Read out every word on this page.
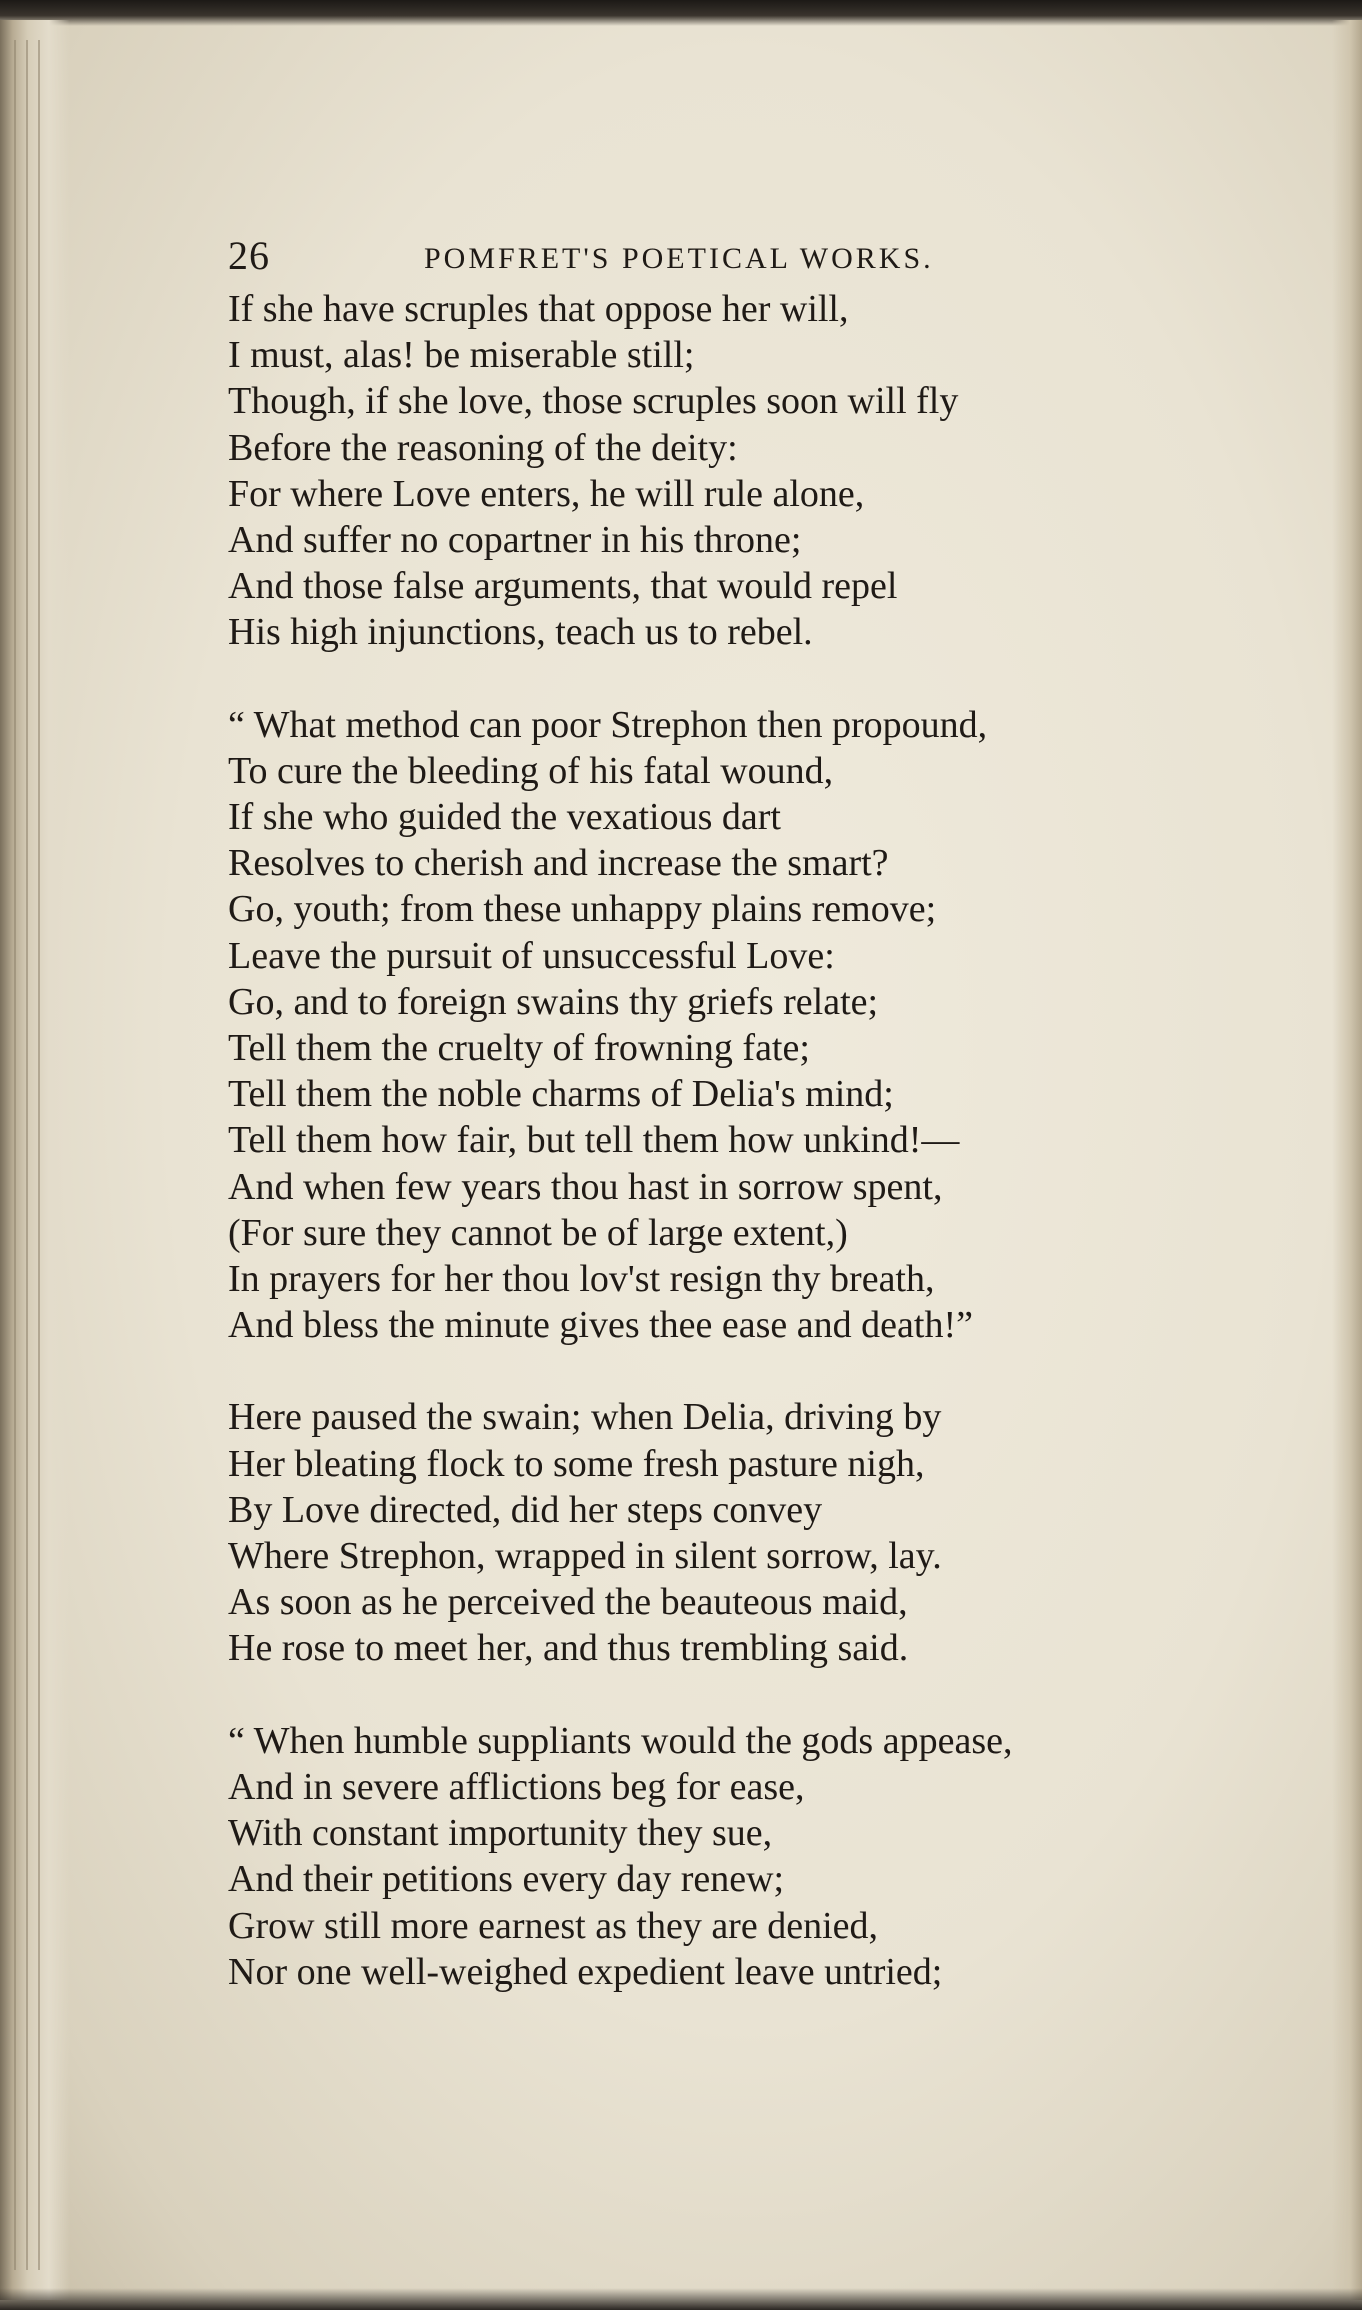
26	POMFRET'S POETICAL WORKS.
If she have scruples that oppose her will,
I must, alas! be miserable still;
Though, if she love, those scruples soon will fly
Before the reasoning of the deity:
For where Love enters, he will rule alone,
And suffer no copartner in his throne;
And those false arguments, that would repel
His high injunctions, teach us to rebel.
“ What method can poor Strephon then propound,
To cure the bleeding of his fatal wound,
If she who guided the vexatious dart
Resolves to cherish and increase the smart?
Go, youth; from these unhappy plains remove;
Leave the pursuit of unsuccessful Love:
Go, and to foreign swains thy griefs relate;
Tell them the cruelty of frowning fate;
Tell them the noble charms of Delia's mind;
Tell them how fair, but tell them how unkind!—
And when few years thou hast in sorrow spent,
(For sure they cannot be of large extent,)
In prayers for her thou lov'st resign thy breath,
And bless the minute gives thee ease and death!”
Here paused the swain; when Delia, driving by
Her bleating flock to some fresh pasture nigh,
By Love directed, did her steps convey
Where Strephon, wrapped in silent sorrow, lay.
As soon as he perceived the beauteous maid,
He rose to meet her, and thus trembling said.
“ When humble suppliants would the gods appease,
And in severe afflictions beg for ease,
With constant importunity they sue,
And their petitions every day renew;
Grow still more earnest as they are denied,
Nor one well-weighed expedient leave untried;
